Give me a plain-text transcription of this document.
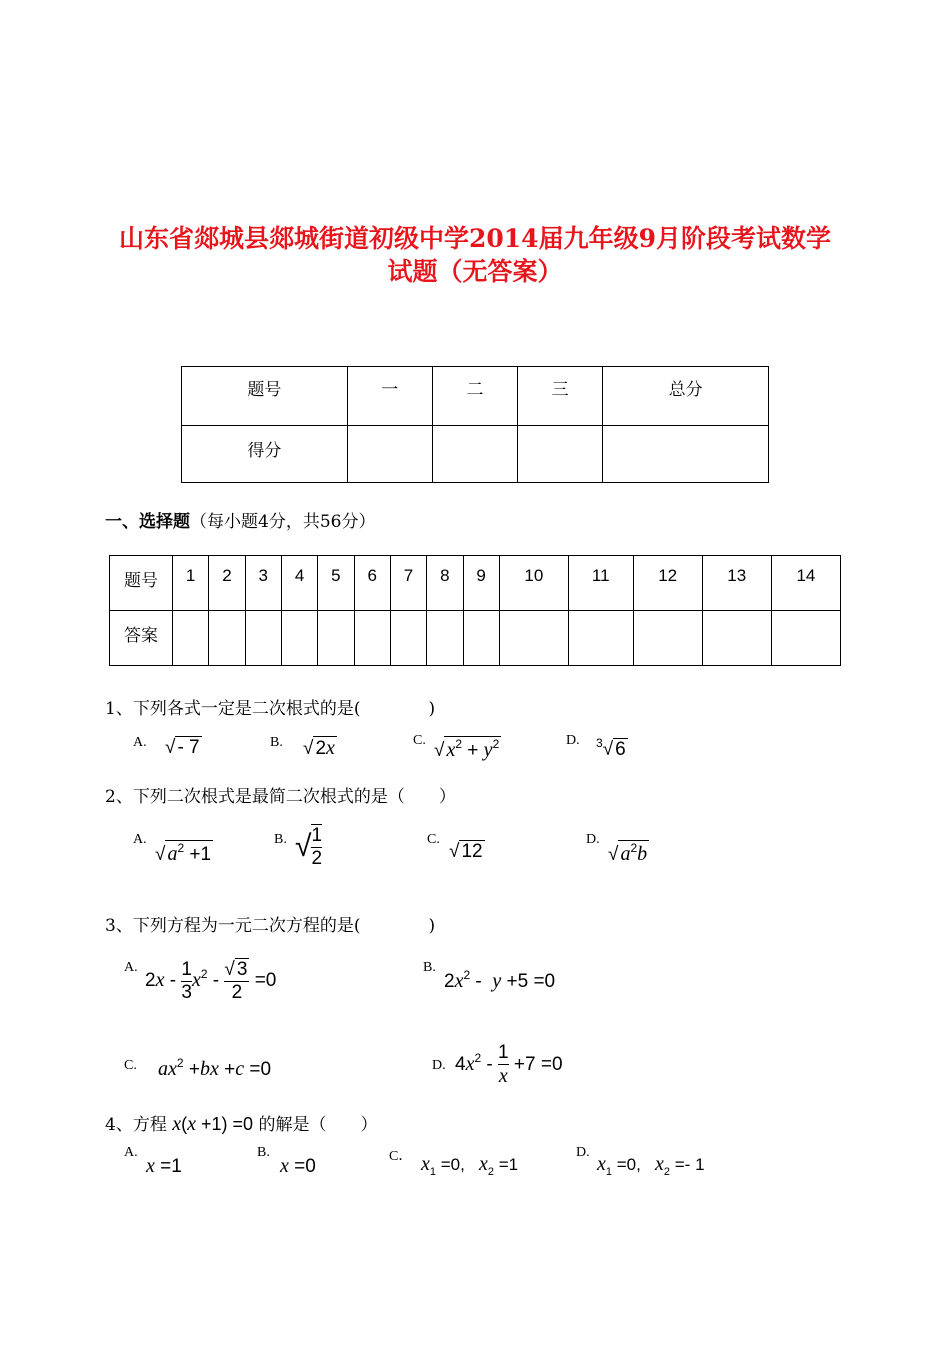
山东省郯城县郯城街道初级中学2014届九年级9月阶段考试数学
试题（无答案）
题号	一	二	三	总分
得分				
一、选择题（每小题4分，共56分）
题号	1	2	3	4	5	6	7	8	9	10	11	12	13	14
答案														
1、下列各式一定是二次根式的是(　　　　)
A. √ - 7	B. √ 2x	C. √ $x^2 + y^2$	D. $^3$√ 6
2、下列二次根式是最简二次根式的是（　　）
A.
√ $a^2 +1$
B. √ $\frac{1}{2}$	C.
√ 12
D.
√ $a^2b$
3、下列方程为一元二次方程的是(　　　　)
A.
$2x - \frac{1}{3} x^2 - \frac{√ 3}{2} =0$
B.
$2x^2 - y +5 =0$
C. $ax^2 +bx +c =0$	D. $4x^2 - \frac{1}{x} +7 =0$
4、方程 x(x +1) =0 的解是（　　）
A.
x =1
B.
x =0	C． $x_1 =0$,   $x_2 =1$
D.
$x_1 =0$,   $x_2 =- 1$
